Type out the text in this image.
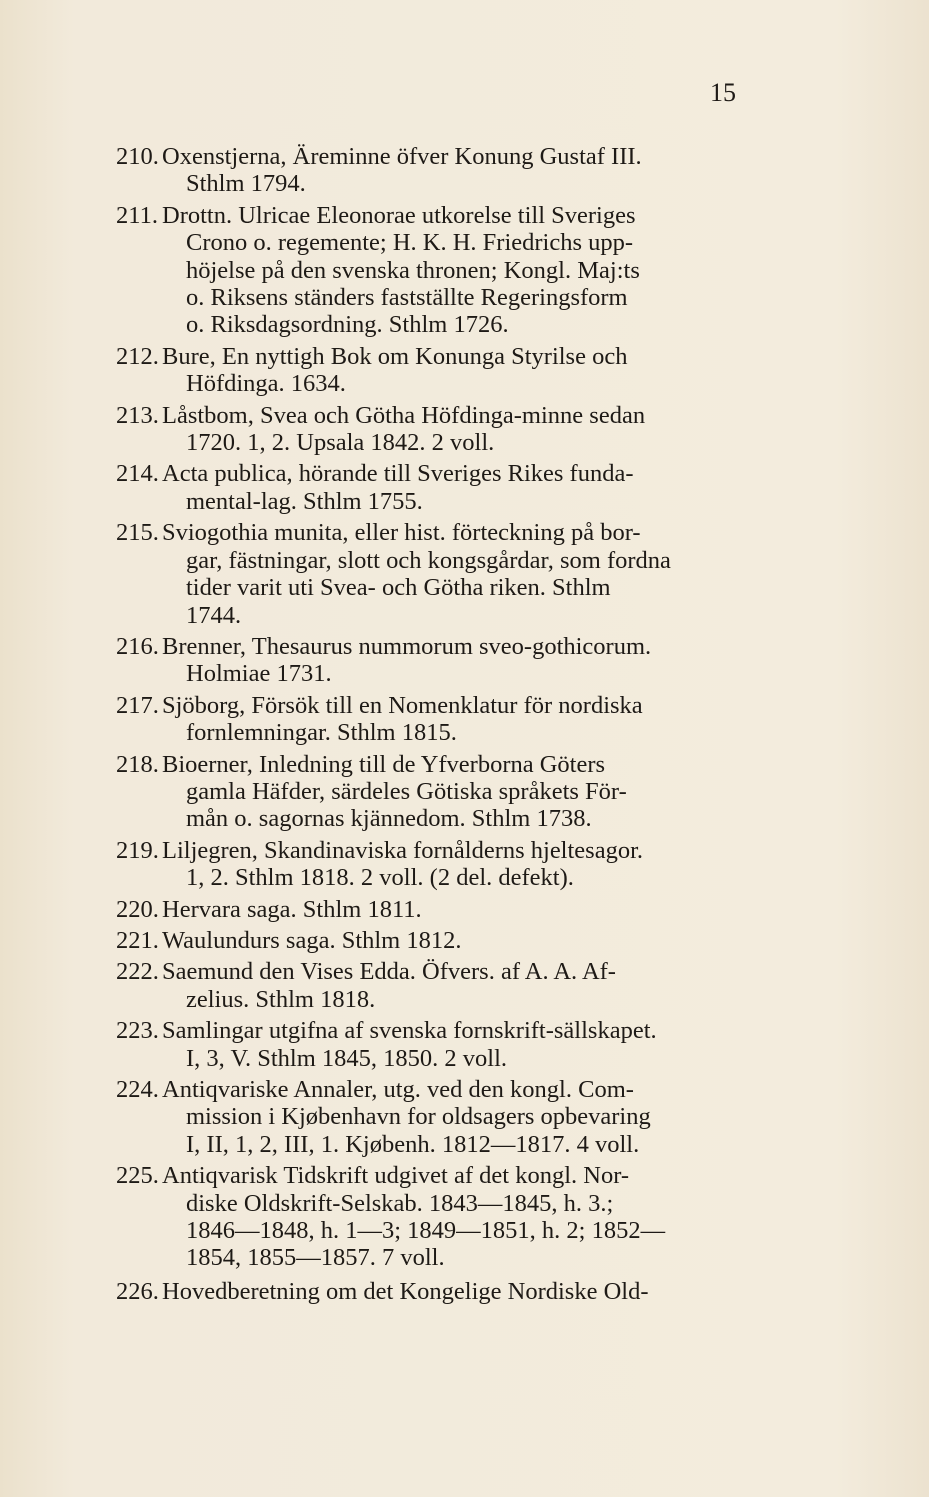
15
210. Oxenstjerna, Äreminne öfver Konung Gustaf III.
Sthlm 1794.
211. Drottn. Ulricae Eleonorae utkorelse till Sveriges
Crono o. regemente; H. K. H. Friedrichs upp-
höjelse på den svenska thronen; Kongl. Maj:ts
o. Riksens ständers fastställte Regeringsform
o. Riksdagsordning. Sthlm 1726.
212. Bure, En nyttigh Bok om Konunga Styrilse och
Höfdinga. 1634.
213. Låstbom, Svea och Götha Höfdinga-minne sedan
1720. 1, 2. Upsala 1842. 2 voll.
214. Acta publica, hörande till Sveriges Rikes funda-
mental-lag. Sthlm 1755.
215. Sviogothia munita, eller hist. förteckning på bor-
gar, fästningar, slott och kongsgårdar, som fordna
tider varit uti Svea- och Götha riken. Sthlm
1744.
216. Brenner, Thesaurus nummorum sveo-gothicorum.
Holmiae 1731.
217. Sjöborg, Försök till en Nomenklatur för nordiska
fornlemningar. Sthlm 1815.
218. Bioerner, Inledning till de Yfverborna Göters
gamla Häfder, särdeles Götiska språkets För-
mån o. sagornas kjännedom. Sthlm 1738.
219. Liljegren, Skandinaviska fornålderns hjeltesagor.
1, 2. Sthlm 1818. 2 voll. (2 del. defekt).
220. Hervara saga. Sthlm 1811.
221. Waulundurs saga. Sthlm 1812.
222. Saemund den Vises Edda. Öfvers. af A. A. Af-
zelius. Sthlm 1818.
223. Samlingar utgifna af svenska fornskrift-sällskapet.
I, 3, V. Sthlm 1845, 1850. 2 voll.
224. Antiqvariske Annaler, utg. ved den kongl. Com-
mission i Kjøbenhavn for oldsagers opbevaring
I, II, 1, 2, III, 1. Kjøbenh. 1812—1817. 4 voll.
225. Antiqvarisk Tidskrift udgivet af det kongl. Nor-
diske Oldskrift-Selskab. 1843—1845, h. 3.;
1846—1848, h. 1—3; 1849—1851, h. 2; 1852—
1854, 1855—1857. 7 voll.
226. Hovedberetning om det Kongelige Nordiske Old-
